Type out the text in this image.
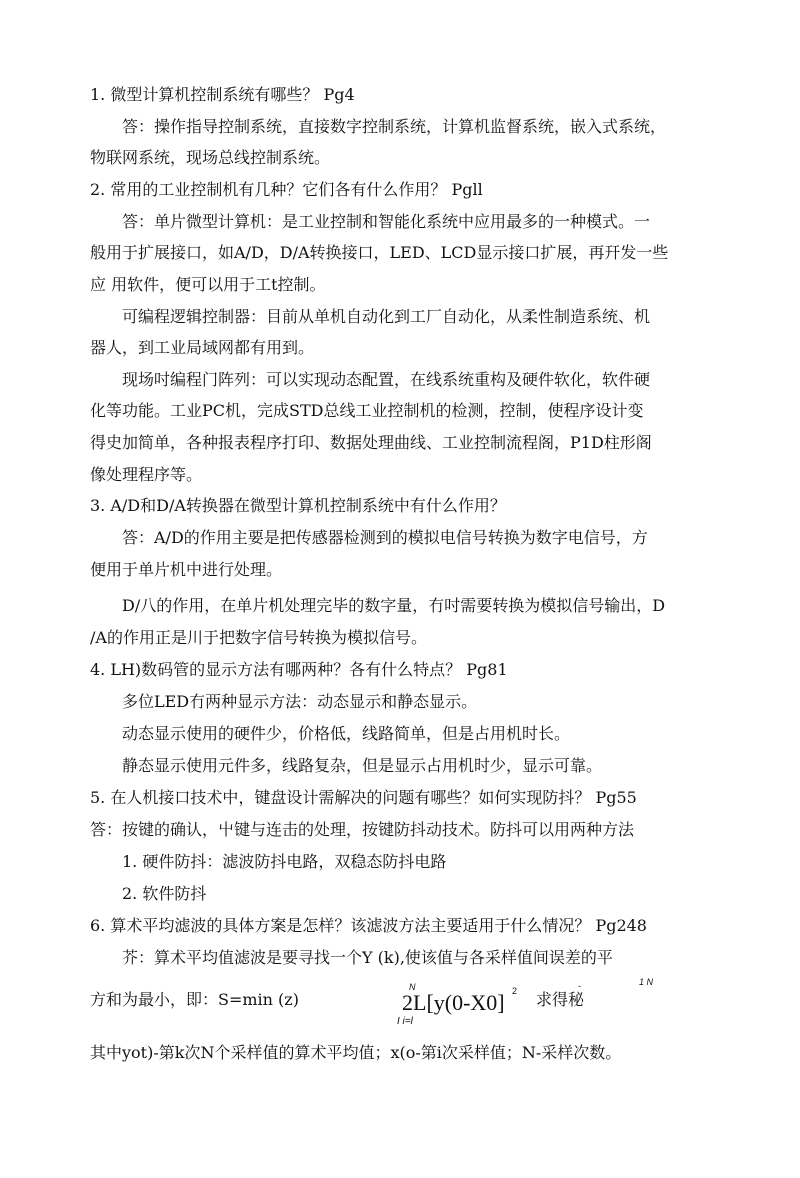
1. 微型计算机控制系统有哪些？ Pg4
答：操作指导控制系统，直接数字控制系统，计算机监督系统，嵌入式系统，
物联网系统，现场总线控制系统。
2. 常用的工业控制机有几种？它们各有什么作用？ Pgll
答：单片微型计算机：是工业控制和智能化系统中应用最多的一种模式。一
般用于扩展接口，如A/D，D/A转换接口，LED、LCD显示接口扩展，再幵发一些
应 用软件，便可以用于工t控制。
可编程逻辑控制器：目前从单机自动化到工厂自动化，从柔性制造系统、机
器人，到工业局域网都有用到。
现场吋编程门阵列：可以实现动态配置，在线系统重构及硬件软化，软件硬
化等功能。工业PC机，完成STD总线工业控制机的检测，控制，使程序设计变
得史加简单，各种报表程序打印、数据处理曲线、工业控制流程阁，P1D柱形阁
像处理程序等。
3. A/D和D/A转换器在微型计算机控制系统中有什么作用？
答：A/D的作用主要是把传感器检测到的模拟电信号转换为数字电信号，方
便用于单片机中进行处理。
D/八的作用，在单片机处理完毕的数字量，冇吋需要转换为模拟信号输出，D
/A的作用正是川于把数字信号转换为模拟信号。
4. LH)数码管的显示方法有哪两种？各有什么特点？ Pg81
多位LED冇两种显示方法：动态显示和静态显示。
动态显示使用的硬件少，价格低，线路简单，但是占用机时长。
静态显示使用元件多，线路复杂，但是显示占用机时少，显示可靠。
5. 在人机接口技术中，键盘设计需解决的问题有哪些？如何实现防抖？ Pg55
答：按键的确认，屮键与连击的处理，按键防抖动技术。防抖可以用两种方法
1. 硬件防抖：滤波防抖电路，双稳态防抖电路
2. 软件防抖
6. 算术平均滤波的具体方案是怎样？该滤波方法主要适用于什么情况？ Pg248
芥：算术平均值滤波是要寻找一个Y (k),使该值与各采样值间误差的平
方和为最小，即：S=min (z)
N
2L[y(0-X0] 2
I i=l
-
求得秘
1 N
其中yot)-第k次N个采样值的算术平均值；x(o-第i次采样值；N-采样次数。
